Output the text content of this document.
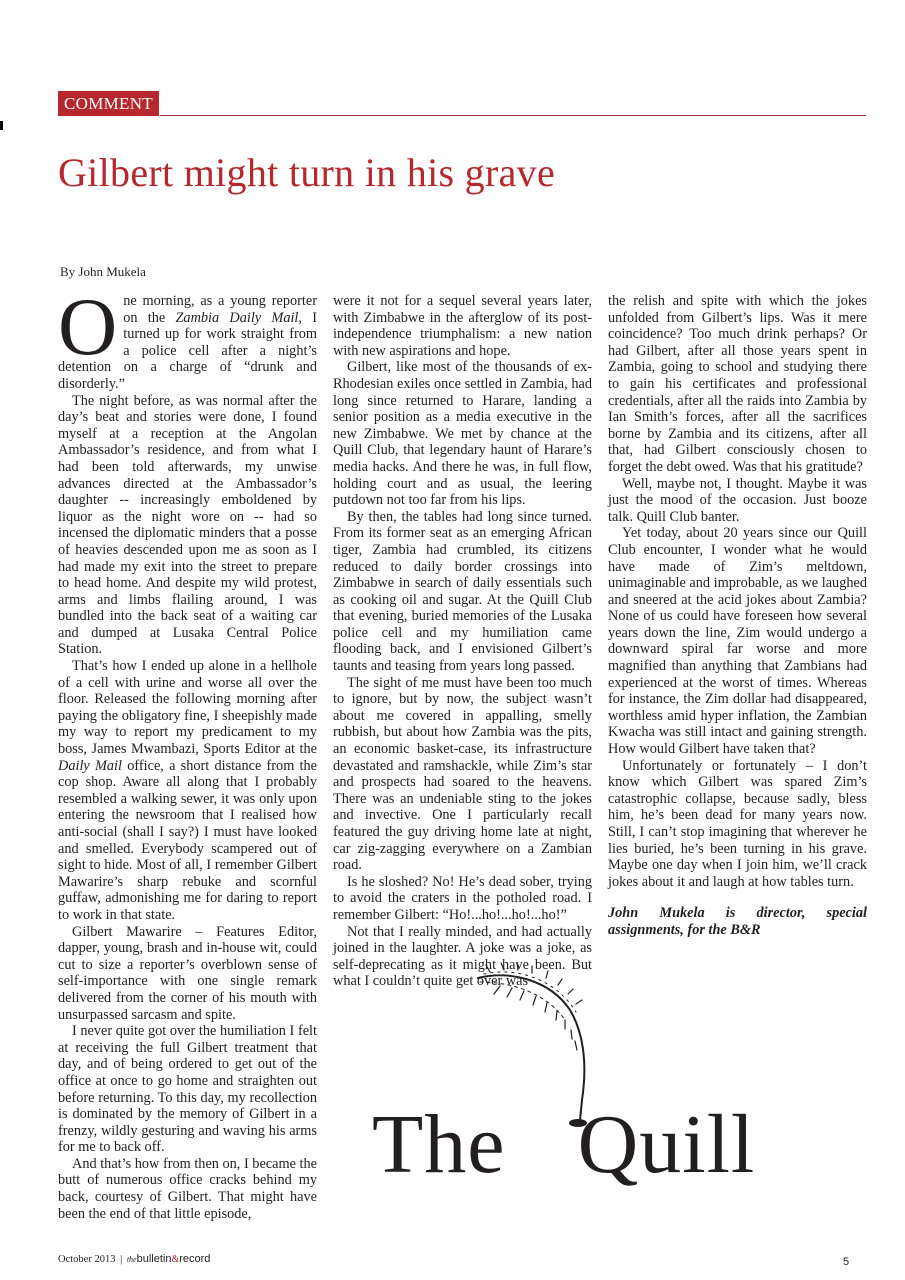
COMMENT
Gilbert might turn in his grave

By John Mukela

One morning, as a young reporter on the Zambia Daily Mail, I turned up for work straight from a police cell after a night’s detention on a charge of “drunk and disorderly.”

The night before, as was normal after the day’s beat and stories were done, I found myself at a reception at the Angolan Ambassador’s residence, and from what I had been told afterwards, my unwise advances directed at the Ambassador’s daughter -- increasingly emboldened by liquor as the night wore on -- had so incensed the diplomatic minders that a posse of heavies descended upon me as soon as I had made my exit into the street to prepare to head home. And despite my wild protest, arms and limbs flailing around, I was bundled into the back seat of a waiting car and dumped at Lusaka Central Police Station.

That’s how I ended up alone in a hellhole of a cell with urine and worse all over the floor. Released the following morning after paying the obligatory fine, I sheepishly made my way to report my predicament to my boss, James Mwambazi, Sports Editor at the Daily Mail office, a short distance from the cop shop. Aware all along that I probably resembled a walking sewer, it was only upon entering the newsroom that I realised how anti-social (shall I say?) I must have looked and smelled. Everybody scampered out of sight to hide. Most of all, I remember Gilbert Mawarire’s sharp rebuke and scornful guffaw, admonishing me for daring to report to work in that state.

Gilbert Mawarire – Features Editor, dapper, young, brash and in-house wit, could cut to size a reporter’s overblown sense of self-importance with one single remark delivered from the corner of his mouth with unsurpassed sarcasm and spite.

I never quite got over the humiliation I felt at receiving the full Gilbert treatment that day, and of being ordered to get out of the office at once to go home and straighten out before returning. To this day, my recollection is dominated by the memory of Gilbert in a frenzy, wildly gesturing and waving his arms for me to back off.

And that’s how from then on, I became the butt of numerous office cracks behind my back, courtesy of Gilbert. That might have been the end of that little episode,

were it not for a sequel several years later, with Zimbabwe in the afterglow of its post-independence triumphalism: a new nation with new aspirations and hope.

Gilbert, like most of the thousands of ex-Rhodesian exiles once settled in Zambia, had long since returned to Harare, landing a senior position as a media executive in the new Zimbabwe. We met by chance at the Quill Club, that legendary haunt of Harare’s media hacks. And there he was, in full flow, holding court and as usual, the leering putdown not too far from his lips.

By then, the tables had long since turned. From its former seat as an emerging African tiger, Zambia had crumbled, its citizens reduced to daily border crossings into Zimbabwe in search of daily essentials such as cooking oil and sugar. At the Quill Club that evening, buried memories of the Lusaka police cell and my humiliation came flooding back, and I envisioned Gilbert’s taunts and teasing from years long passed.

The sight of me must have been too much to ignore, but by now, the subject wasn’t about me covered in appalling, smelly rubbish, but about how Zambia was the pits, an economic basket-case, its infrastructure devastated and ramshackle, while Zim’s star and prospects had soared to the heavens. There was an undeniable sting to the jokes and invective. One I particularly recall featured the guy driving home late at night, car zig-zagging everywhere on a Zambian road.

Is he sloshed? No! He’s dead sober, trying to avoid the craters in the potholed road. I remember Gilbert: “Ho!...ho!...ho!...ho!”

Not that I really minded, and had actually joined in the laughter. A joke was a joke, as self-deprecating as it might have been. But what I couldn’t quite get over was

the relish and spite with which the jokes unfolded from Gilbert’s lips. Was it mere coincidence? Too much drink perhaps? Or had Gilbert, after all those years spent in Zambia, going to school and studying there to gain his certificates and professional credentials, after all the raids into Zambia by Ian Smith’s forces, after all the sacrifices borne by Zambia and its citizens, after all that, had Gilbert consciously chosen to forget the debt owed. Was that his gratitude?

Well, maybe not, I thought. Maybe it was just the mood of the occasion. Just booze talk. Quill Club banter.

Yet today, about 20 years since our Quill Club encounter, I wonder what he would have made of Zim’s meltdown, unimaginable and improbable, as we laughed and sneered at the acid jokes about Zambia? None of us could have foreseen how several years down the line, Zim would undergo a downward spiral far worse and more magnified than anything that Zambians had experienced at the worst of times. Whereas for instance, the Zim dollar had disappeared, worthless amid hyper inflation, the Zambian Kwacha was still intact and gaining strength. How would Gilbert have taken that?

Unfortunately or fortunately – I don’t know which Gilbert was spared Zim’s catastrophic collapse, because sadly, bless him, he’s been dead for many years now. Still, I can’t stop imagining that wherever he lies buried, he’s been turning in his grave. Maybe one day when I join him, we’ll crack jokes about it and laugh at how tables turn.

John Mukela is director, special assignments, for the B&R

The Quill
October 2013 | thebulletin&record	5
